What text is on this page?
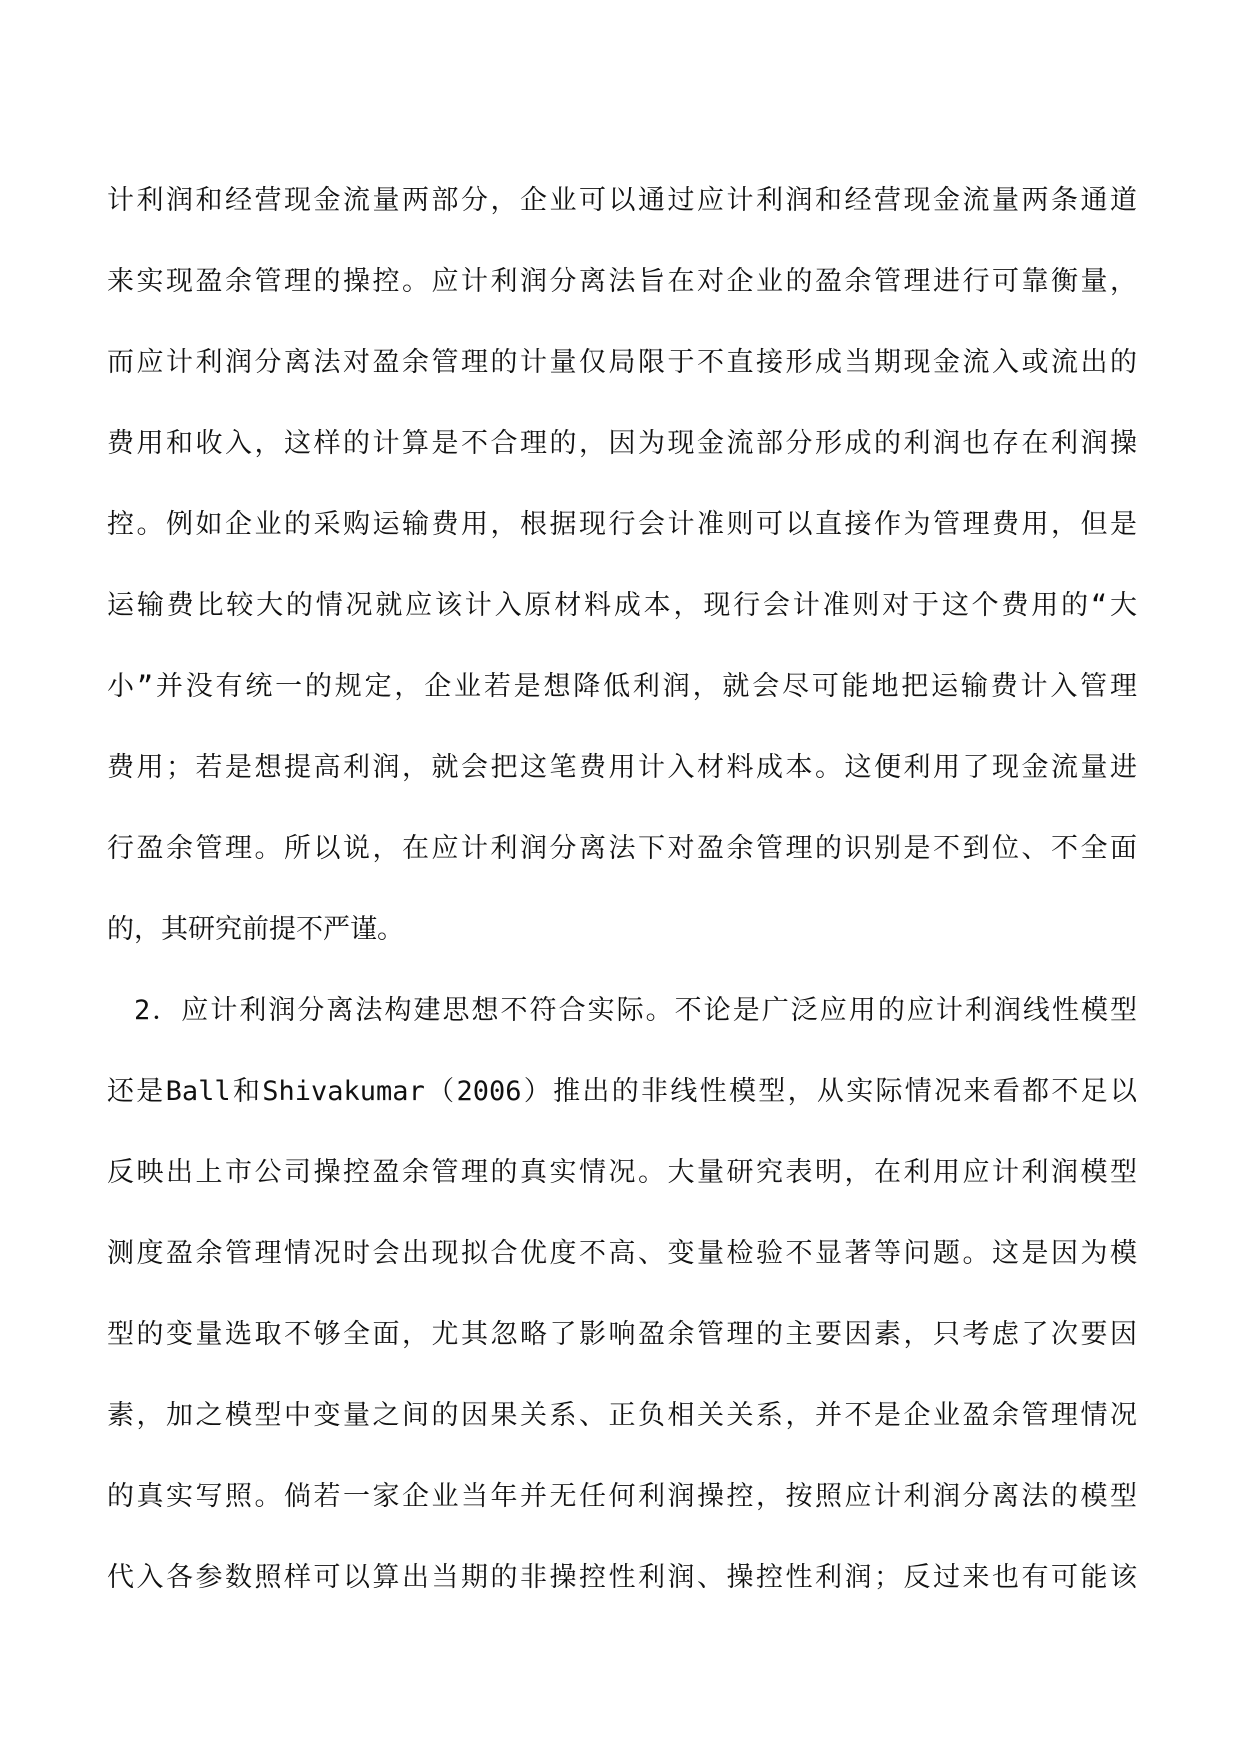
计利润和经营现金流量两部分，企业可以通过应计利润和经营现金流量两条通道
来实现盈余管理的操控。应计利润分离法旨在对企业的盈余管理进行可靠衡量，
而应计利润分离法对盈余管理的计量仅局限于不直接形成当期现金流入或流出的
费用和收入，这样的计算是不合理的，因为现金流部分形成的利润也存在利润操
控。例如企业的采购运输费用，根据现行会计准则可以直接作为管理费用，但是
运输费比较大的情况就应该计入原材料成本，现行会计准则对于这个费用的“大
小”并没有统一的规定，企业若是想降低利润，就会尽可能地把运输费计入管理
费用；若是想提高利润，就会把这笔费用计入材料成本。这便利用了现金流量进
行盈余管理。所以说，在应计利润分离法下对盈余管理的识别是不到位、不全面
的，其研究前提不严谨。
2．应计利润分离法构建思想不符合实际。不论是广泛应用的应计利润线性模型
还是Ball和Shivakumar（2006）推出的非线性模型，从实际情况来看都不足以
反映出上市公司操控盈余管理的真实情况。大量研究表明，在利用应计利润模型
测度盈余管理情况时会出现拟合优度不高、变量检验不显著等问题。这是因为模
型的变量选取不够全面，尤其忽略了影响盈余管理的主要因素，只考虑了次要因
素，加之模型中变量之间的因果关系、正负相关关系，并不是企业盈余管理情况
的真实写照。倘若一家企业当年并无任何利润操控，按照应计利润分离法的模型
代入各参数照样可以算出当期的非操控性利润、操控性利润；反过来也有可能该
